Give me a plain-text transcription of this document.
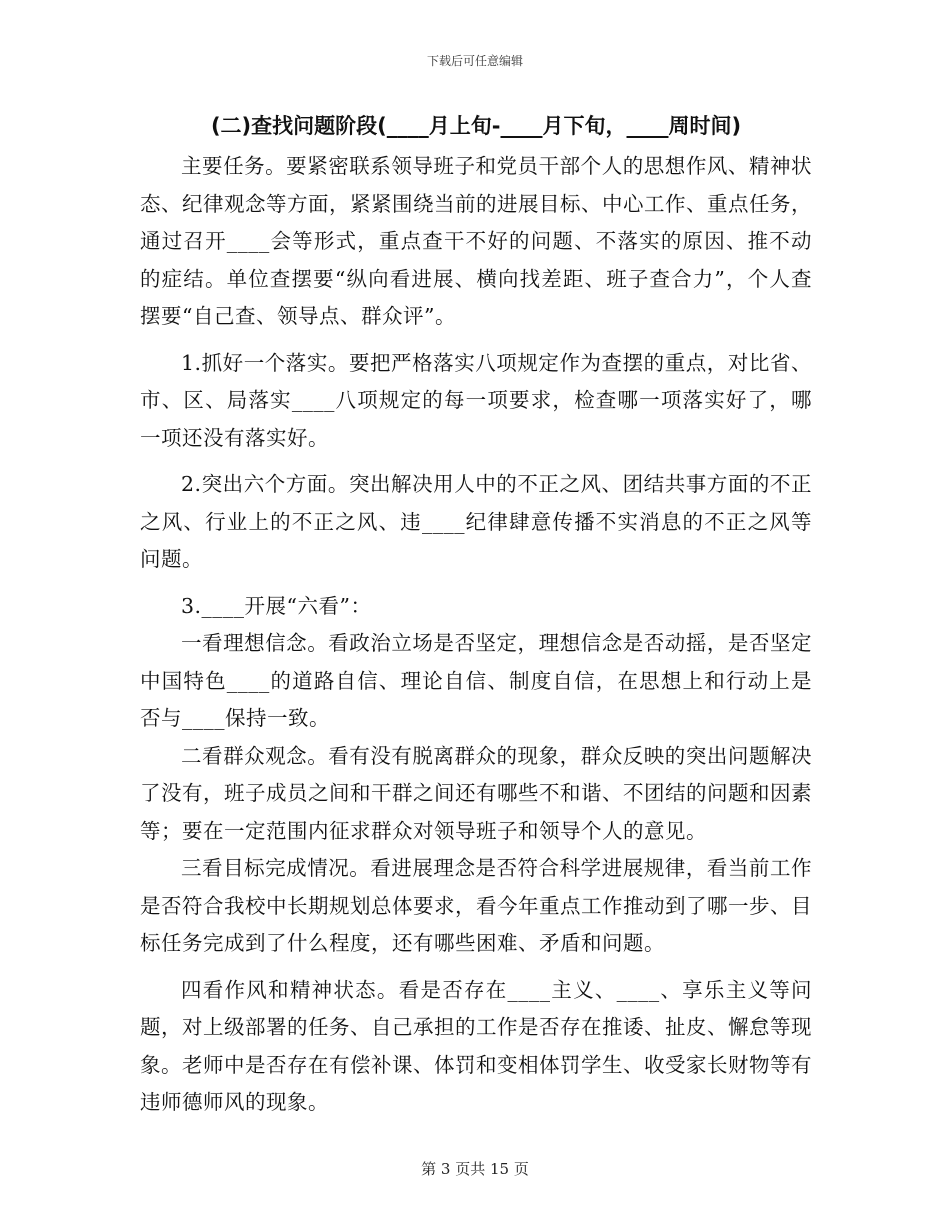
下载后可任意编辑
(二)查找问题阶段(____月上旬-____月下旬，____周时间)

主要任务。要紧密联系领导班子和党员干部个人的思想作风、精神状态、纪律观念等方面，紧紧围绕当前的进展目标、中心工作、重点任务，通过召开____会等形式，重点查干不好的问题、不落实的原因、推不动的症结。单位查摆要“纵向看进展、横向找差距、班子查合力”，个人查摆要“自己查、领导点、群众评”。

1.抓好一个落实。要把严格落实八项规定作为查摆的重点，对比省、市、区、局落实____八项规定的每一项要求，检查哪一项落实好了，哪一项还没有落实好。

2.突出六个方面。突出解决用人中的不正之风、团结共事方面的不正之风、行业上的不正之风、违____纪律肆意传播不实消息的不正之风等问题。

3.____开展“六看”：

一看理想信念。看政治立场是否坚定，理想信念是否动摇，是否坚定中国特色____的道路自信、理论自信、制度自信，在思想上和行动上是否与____保持一致。

二看群众观念。看有没有脱离群众的现象，群众反映的突出问题解决了没有，班子成员之间和干群之间还有哪些不和谐、不团结的问题和因素等；要在一定范围内征求群众对领导班子和领导个人的意见。

三看目标完成情况。看进展理念是否符合科学进展规律，看当前工作是否符合我校中长期规划总体要求，看今年重点工作推动到了哪一步、目标任务完成到了什么程度，还有哪些困难、矛盾和问题。

四看作风和精神状态。看是否存在____主义、____、享乐主义等问题，对上级部署的任务、自己承担的工作是否存在推诿、扯皮、懈怠等现象。老师中是否存在有偿补课、体罚和变相体罚学生、收受家长财物等有违师德师风的现象。

第 3 页共 15 页
